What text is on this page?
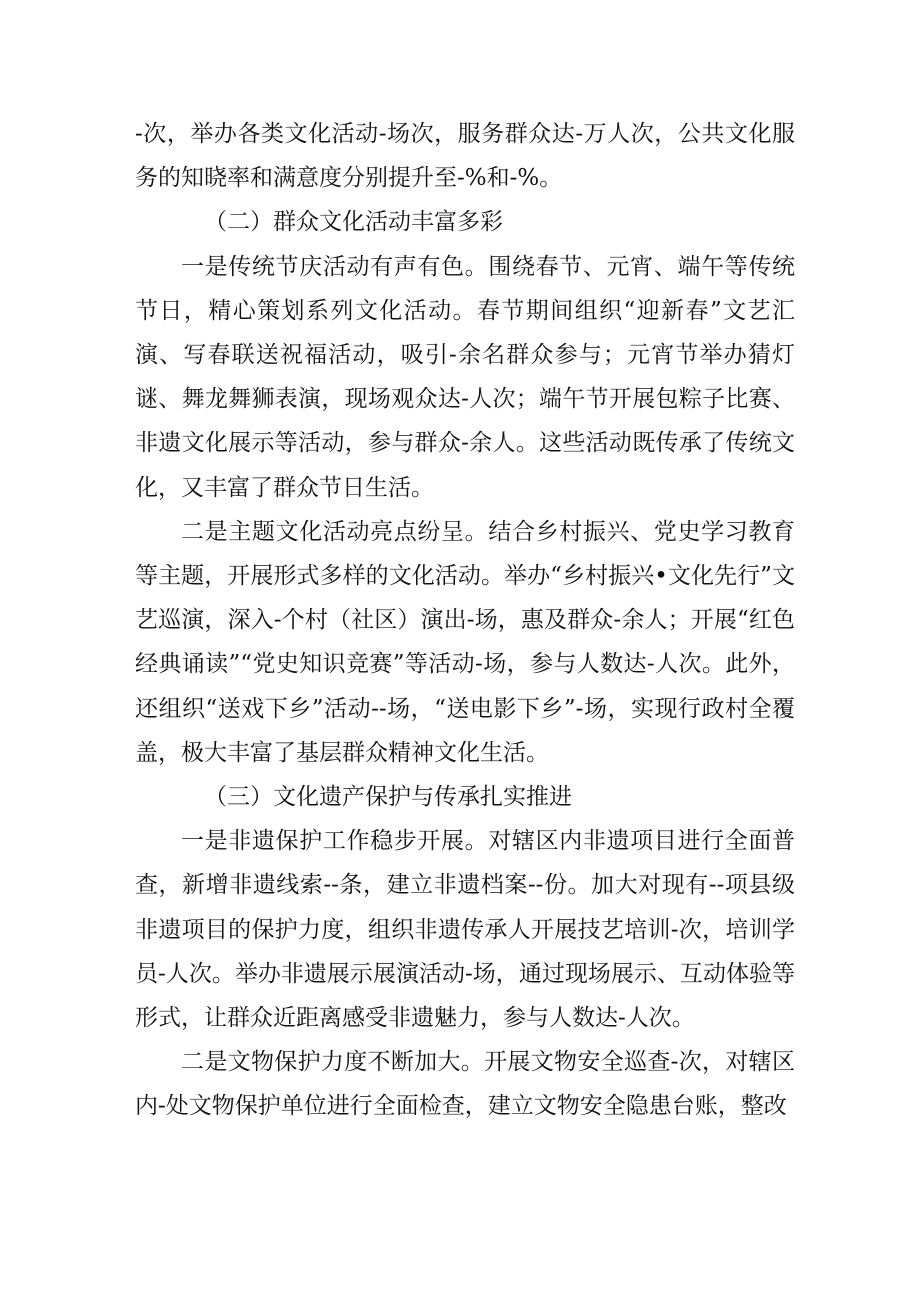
-次，举办各类文化活动-场次，服务群众达-万人次，公共文化服务的知晓率和满意度分别提升至-%和-%。

（二）群众文化活动丰富多彩

一是传统节庆活动有声有色。围绕春节、元宵、端午等传统节日，精心策划系列文化活动。春节期间组织“迎新春”文艺汇演、写春联送祝福活动，吸引-余名群众参与；元宵节举办猜灯谜、舞龙舞狮表演，现场观众达-人次；端午节开展包粽子比赛、非遗文化展示等活动，参与群众-余人。这些活动既传承了传统文化，又丰富了群众节日生活。

二是主题文化活动亮点纷呈。结合乡村振兴、党史学习教育等主题，开展形式多样的文化活动。举办“乡村振兴•文化先行”文艺巡演，深入-个村（社区）演出-场，惠及群众-余人；开展“红色经典诵读”“党史知识竞赛”等活动-场，参与人数达-人次。此外，还组织“送戏下乡”活动--场，“送电影下乡”-场，实现行政村全覆盖，极大丰富了基层群众精神文化生活。

（三）文化遗产保护与传承扎实推进

一是非遗保护工作稳步开展。对辖区内非遗项目进行全面普查，新增非遗线索--条，建立非遗档案--份。加大对现有--项县级非遗项目的保护力度，组织非遗传承人开展技艺培训-次，培训学员-人次。举办非遗展示展演活动-场，通过现场展示、互动体验等形式，让群众近距离感受非遗魅力，参与人数达-人次。

二是文物保护力度不断加大。开展文物安全巡查-次，对辖区内-处文物保护单位进行全面检查，建立文物安全隐患台账，整改
